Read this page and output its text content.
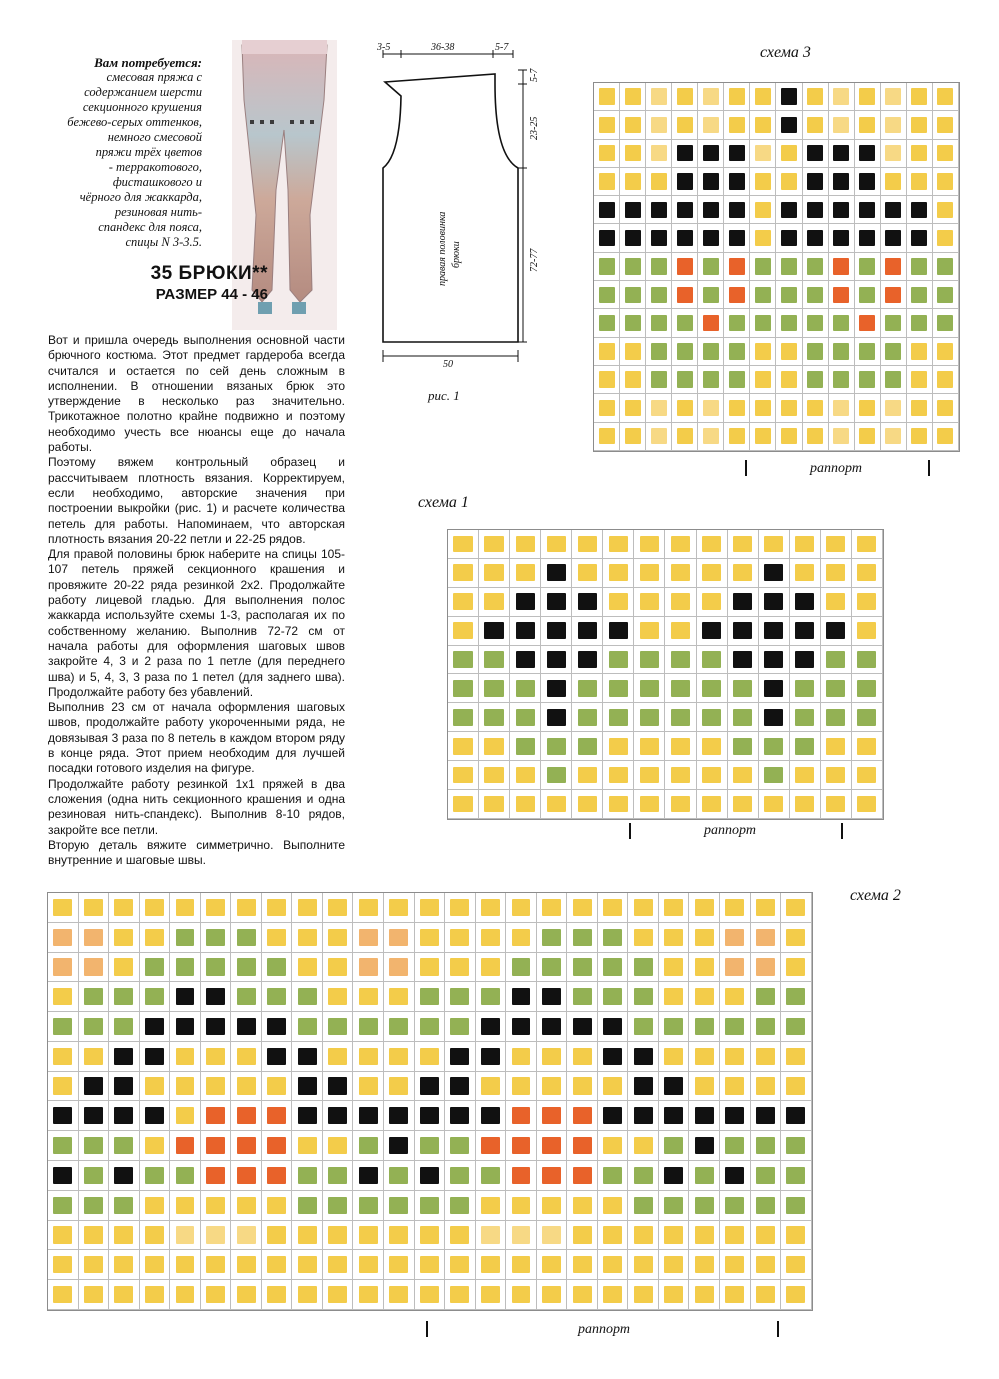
Вам потребуется:
смесовая пряжа с
содержанием шерсти
секционного крушения
бежево-серых оттенков,
немного смесовой
пряжи трёх цветов
- терракотового,
фисташкового и
чёрного для жаккарда,
резиновая нить-
спандекс для пояса,
спицы N 3-3.5.
35 БРЮКИ**
РАЗМЕР 44 - 46

Вот и пришла очередь выполнения основной части брючного костюма. Этот предмет гардероба всегда считался и остается по сей день сложным в исполнении. В отношении вязаных брюк это утверждение в несколько раз значительно. Трикотажное полотно крайне подвижно и поэтому необходимо учесть все нюансы еще до начала работы.

Поэтому вяжем контрольный образец и рассчитываем плотность вязания. Корректируем, если необходимо, авторские значения при построении выкройки (рис. 1) и расчете количества петель для работы. Напоминаем, что авторская плотность вязания 20-22 петли и 22-25 рядов.

Для правой половины брюк наберите на спицы 105-107 петель пряжей секционного крашения и провяжите 20-22 ряда резинкой 2x2. Продолжайте работу лицевой гладью. Для выполнения полос жаккарда используйте схемы 1-3, располагая их по собственному желанию. Выполнив 72-72 см от начала работы для оформления шаговых швов закройте 4, 3 и 2 раза по 1 петле (для переднего шва) и 5, 4, 3, 3 раза по 1 петел (для заднего шва). Продолжайте работу без убавлений.

Выполнив 23 см от начала оформления шаговых швов, продолжайте работу укороченными ряда, не довязывая 3 раза по 8 петель в каждом втором ряду в конце ряда. Этот прием необходим для лучшей посадки готового изделия на фигуре.

Продолжайте работу резинкой 1x1 пряжей в два сложения (одна нить секционного крашения и одна резиновая нить-спандекс). Выполнив 8-10 рядов, закройте все петли.

Вторую деталь вяжите симметрично. Выполните внутренние и шаговые швы.

3-5	36-38	5-7
5-7
23-25
72-77
50
правая половинка брюки
рис. 1
схема 3
раппорт
схема 1
раппорт
схема 2
раппорт
